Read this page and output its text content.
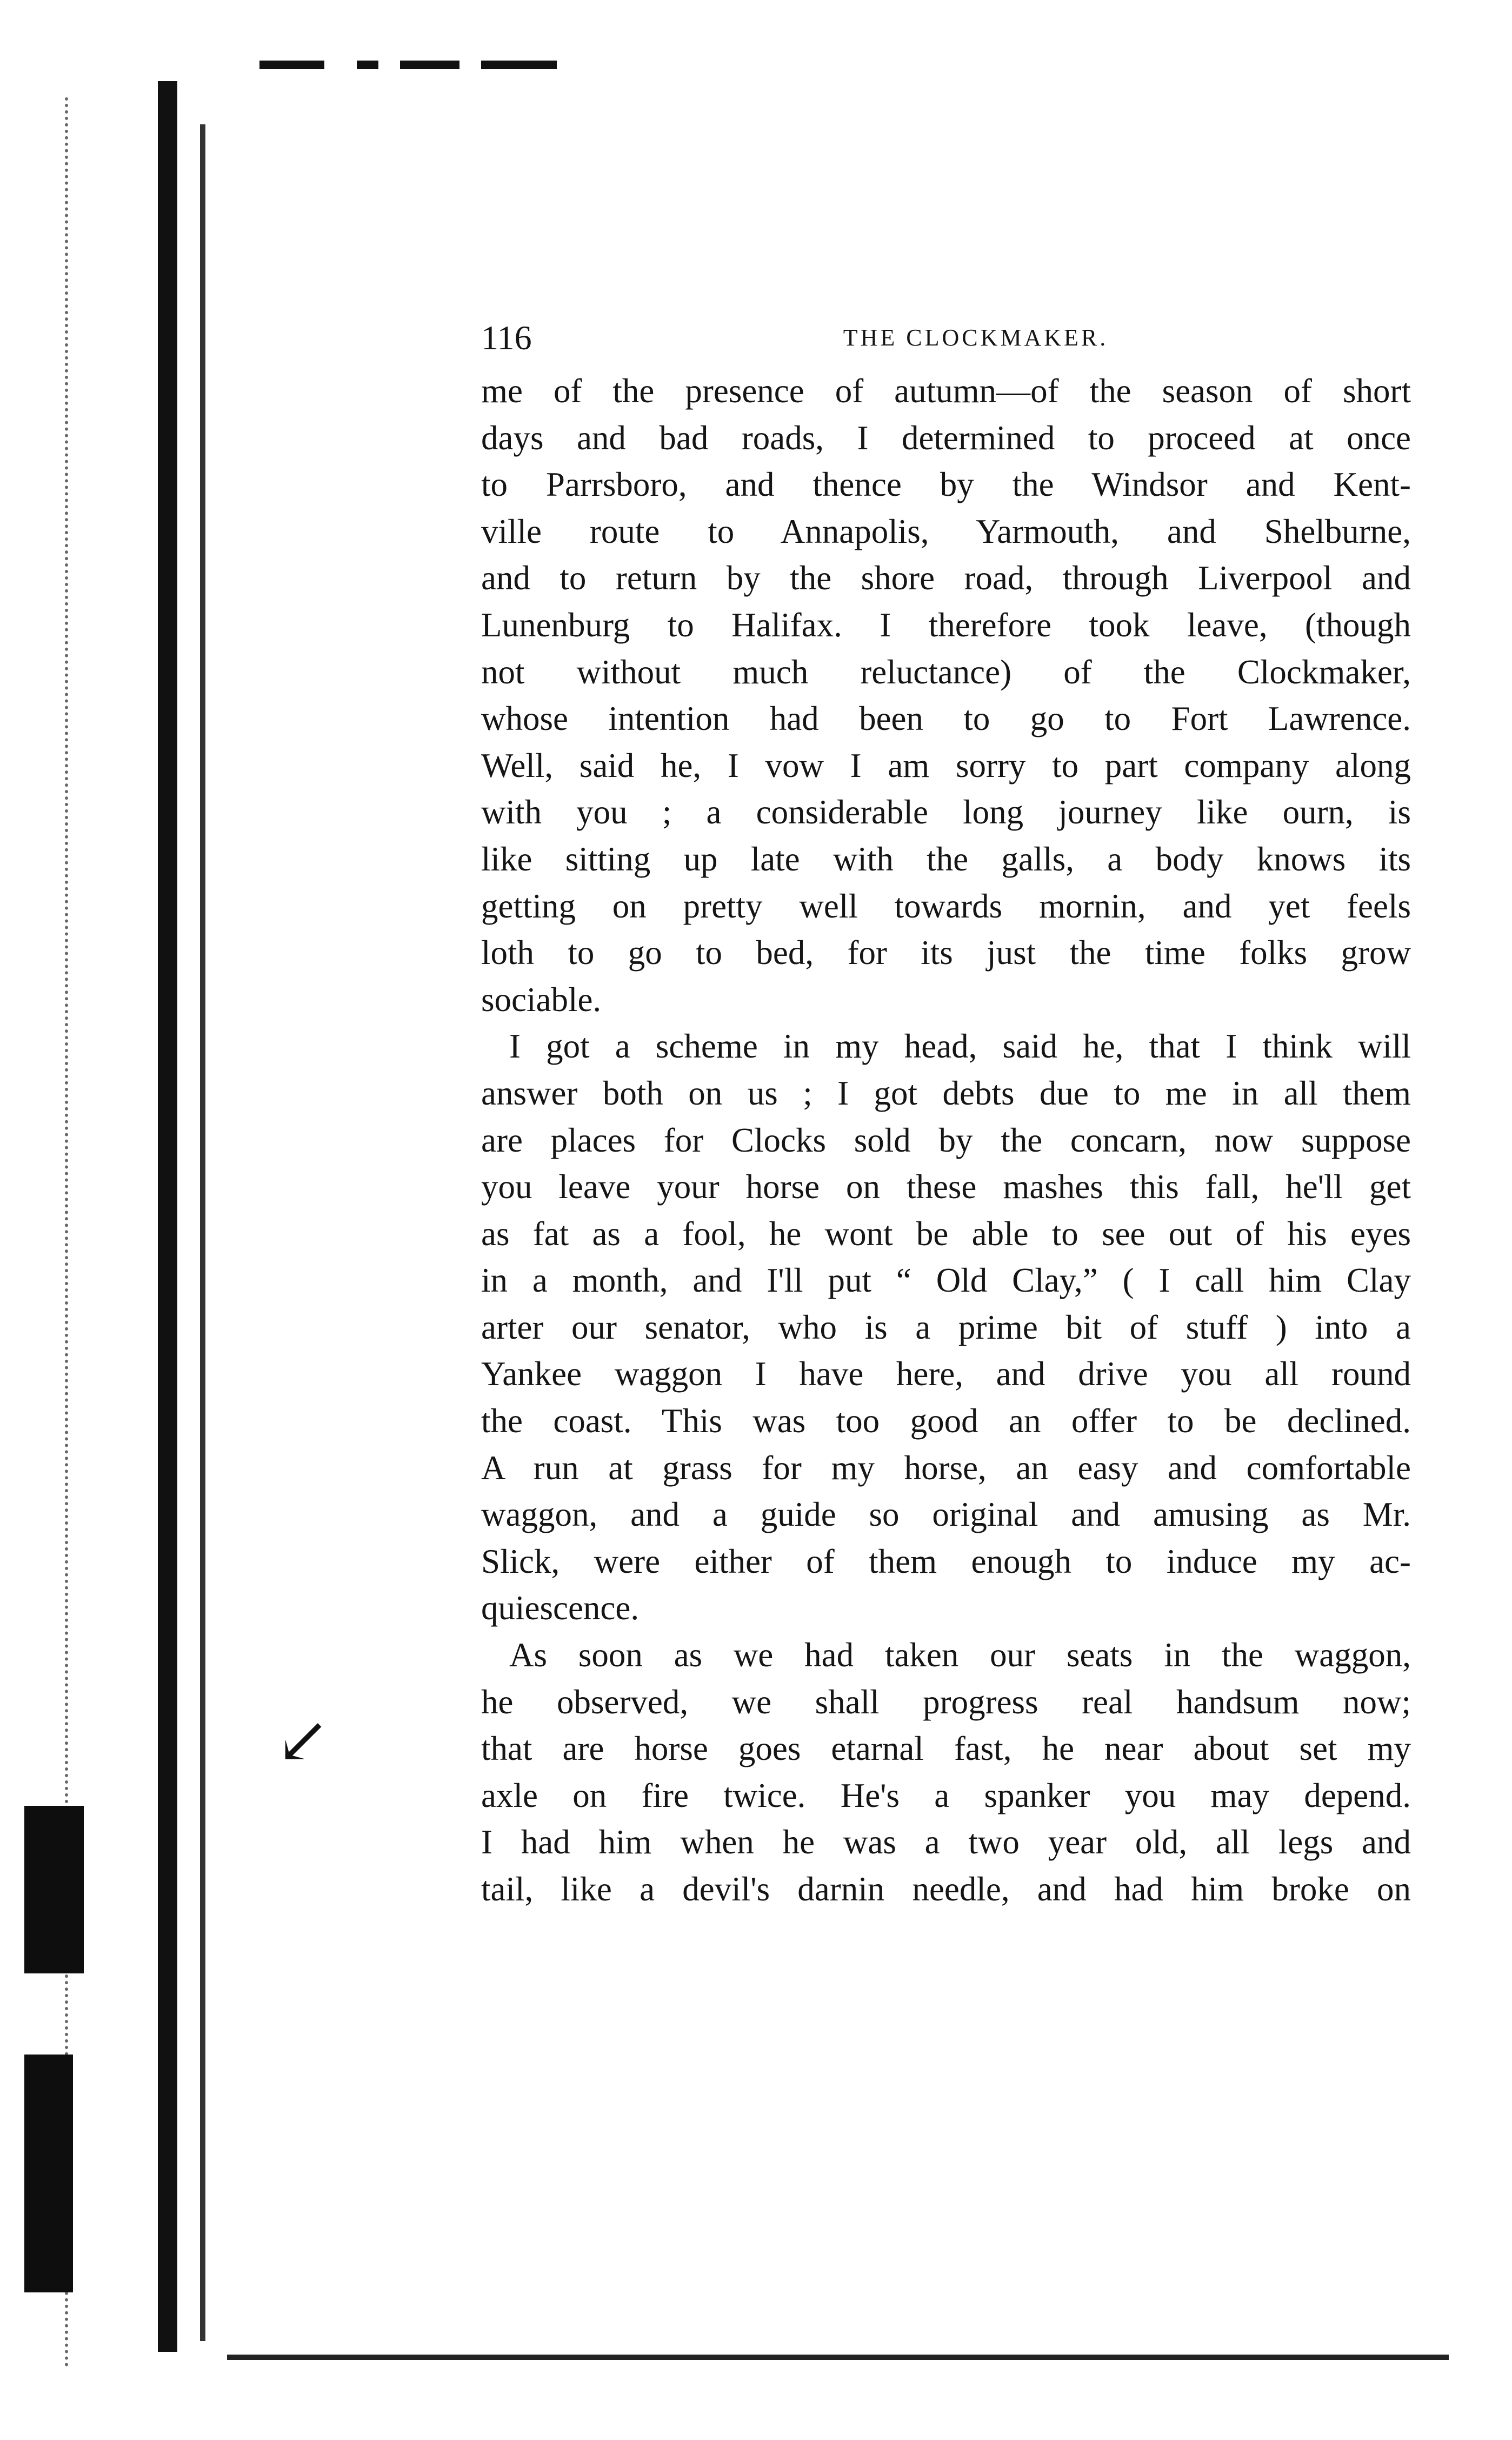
↙
116	THE CLOCKMAKER.

me of the presence of autumn—of the season of short
days and bad roads, I determined to proceed at once
to Parrsboro, and thence by the Windsor and Kent-
ville route to Annapolis, Yarmouth, and Shelburne,
and to return by the shore road, through Liverpool and
Lunenburg to Halifax. I therefore took leave, (though
not without much reluctance) of the Clockmaker,
whose intention had been to go to Fort Lawrence.
Well, said he, I vow I am sorry to part company along
with you ; a considerable long journey like ourn, is
like sitting up late with the galls, a body knows its
getting on pretty well towards mornin, and yet feels
loth to go to bed, for its just the time folks grow
sociable.

I got a scheme in my head, said he, that I think will
answer both on us ; I got debts due to me in all them
are places for Clocks sold by the concarn, now suppose
you leave your horse on these mashes this fall, he'll get
as fat as a fool, he wont be able to see out of his eyes
in a month, and I'll put “ Old Clay,” ( I call him Clay
arter our senator, who is a prime bit of stuff ) into a
Yankee waggon I have here, and drive you all round
the coast. This was too good an offer to be declined.
A run at grass for my horse, an easy and comfortable
waggon, and a guide so original and amusing as Mr.
Slick, were either of them enough to induce my ac-
quiescence.

As soon as we had taken our seats in the waggon,
he observed, we shall progress real handsum now;
that are horse goes etarnal fast, he near about set my
axle on fire twice. He's a spanker you may depend.
I had him when he was a two year old, all legs and
tail, like a devil's darnin needle, and had him broke on
